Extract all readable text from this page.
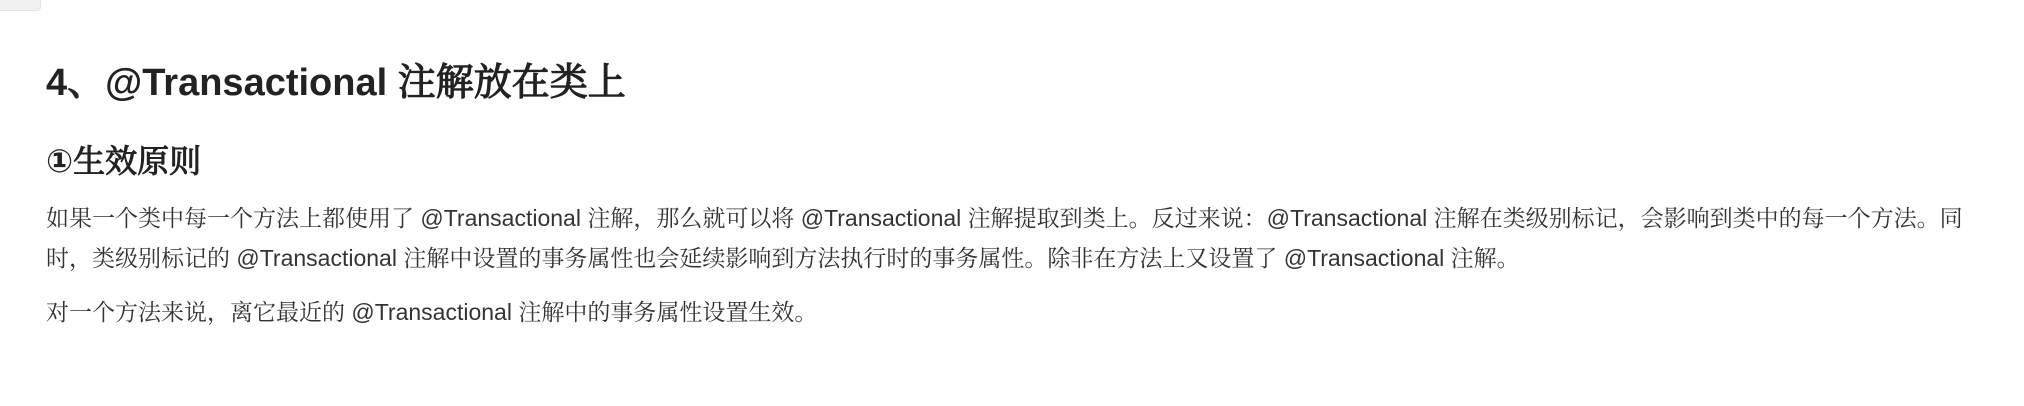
4、@Transactional 注解放在类上
①生效原则

如果一个类中每一个方法上都使用了 @Transactional 注解，那么就可以将 @Transactional 注解提取到类上。反过来说：@Transactional 注解在类级别标记，会影响到类中的每一个方法。同时，类级别标记的 @Transactional 注解中设置的事务属性也会延续影响到方法执行时的事务属性。除非在方法上又设置了 @Transactional 注解。

对一个方法来说，离它最近的 @Transactional 注解中的事务属性设置生效。
